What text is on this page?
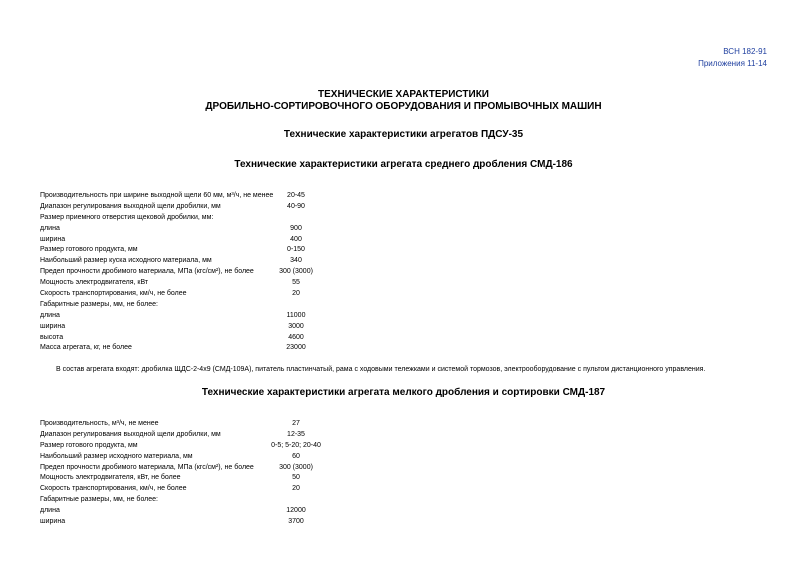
ВСН 182-91
Приложения 11-14
ТЕХНИЧЕСКИЕ ХАРАКТЕРИСТИКИ
ДРОБИЛЬНО-СОРТИРОВОЧНОГО ОБОРУДОВАНИЯ И ПРОМЫВОЧНЫХ МАШИН
Технические характеристики агрегатов ПДСУ-35
Технические характеристики агрегата среднего дробления СМД-186
Производительность при ширине выходной щели 60 мм, м³/ч, не менее	20-45
Диапазон регулирования выходной щели дробилки, мм	40-90
Размер приемного отверстия щековой дробилки, мм:
длина	900
ширина	400
Размер готового продукта, мм	0-150
Наибольший размер куска исходного материала, мм	340
Предел прочности дробимого материала, МПа (кгс/см²), не более	300 (3000)
Мощность электродвигателя, кВт	55
Скорость транспортирования, км/ч, не более	20
Габаритные размеры, мм, не более:
длина	11000
ширина	3000
высота	4600
Масса агрегата, кг, не более	23000
В состав агрегата входят: дробилка ЩДС-2-4х9 (СМД-109А), питатель пластинчатый, рама с ходовыми тележками и системой тормозов, электрооборудование с пультом дистанционного управления.
Технические характеристики агрегата мелкого дробления и сортировки СМД-187
Производительность, м³/ч, не менее	27
Диапазон регулирования выходной щели дробилки, мм	12-35
Размер готового продукта, мм	0-5; 5-20; 20-40
Наибольший размер исходного материала, мм	60
Предел прочности дробимого материала, МПа (кгс/см²), не более	300 (3000)
Мощность электродвигателя, кВт, не более	50
Скорость транспортирования, км/ч, не более	20
Габаритные размеры, мм, не более:
длина	12000
ширина	3700
